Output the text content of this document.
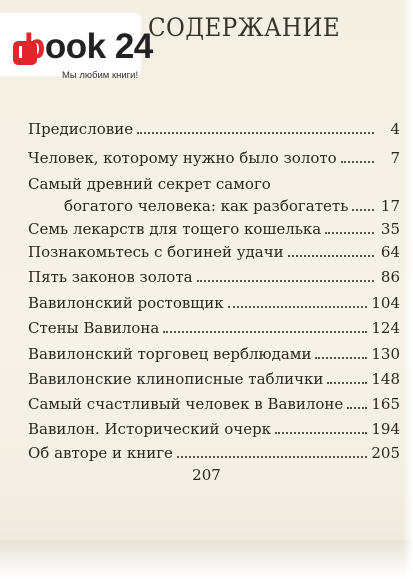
СОДЕРЖАНИЕ
book 24
Мы любим книги!
Предисловие	4
Человек, которому нужно было золото	7
Самый древний секрет самого
богатого человека: как разбогатеть 17
Семь лекарств для тощего кошелька	35
Познакомьтесь с богиней удачи	64
Пять законов золота	86
Вавилонский ростовщик	104
Стены Вавилона	124
Вавилонский торговец верблюдами	130
Вавилонские клинописные таблички	148
Самый счастливый человек в Вавилоне 165
Вавилон. Исторический очерк	194
Об авторе и книге	205
207
